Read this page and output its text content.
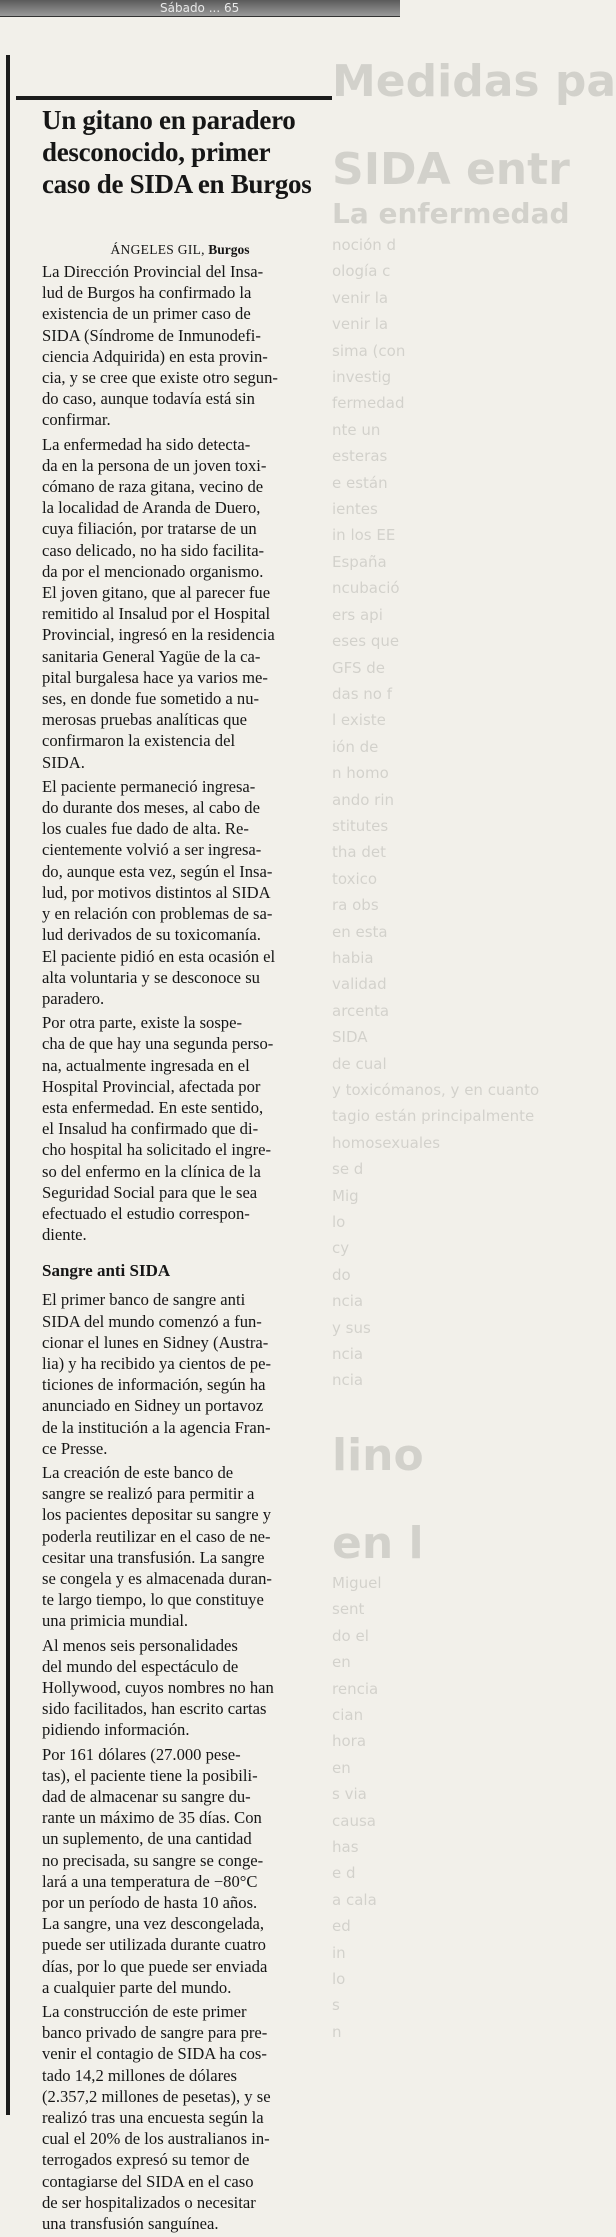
Sábado ... 65
Medidas pa
SIDA entr
La enfermedad
noción d
ología c
venir la
venir la
sima (con
investig
fermedad
nte un
esteras
e están
ientes
in los EE
España
ncubació
ers api
eses que
GFS de
das no f
l existe
ión de
n homo
ando rin
stitutes
tha det
toxico
ra obs
en esta
habia
validad
arcenta
SIDA
de cual
y toxicómanos, y en cuanto
tagio están principalmente
homosexuales
se d
Mig
lo
cy
do
ncia
y sus
ncia
ncia
lino
en l
Miguel
sent
do el
en
rencia
cian
hora
en
s via
causa
has
e d
a cala
ed
in
lo
s
n
Un gitano en paradero desconocido, primer caso de SIDA en Burgos
ÁNGELES GIL, Burgos

La Dirección Provincial del Insa-
lud de Burgos ha confirmado la
existencia de un primer caso de
SIDA (Síndrome de Inmunodefi-
ciencia Adquirida) en esta provin-
cia, y se cree que existe otro segun-
do caso, aunque todavía está sin
confirmar.

La enfermedad ha sido detecta-
da en la persona de un joven toxi-
cómano de raza gitana, vecino de
la localidad de Aranda de Duero,
cuya filiación, por tratarse de un
caso delicado, no ha sido facilita-
da por el mencionado organismo.
El joven gitano, que al parecer fue
remitido al Insalud por el Hospital
Provincial, ingresó en la residencia
sanitaria General Yagüe de la ca-
pital burgalesa hace ya varios me-
ses, en donde fue sometido a nu-
merosas pruebas analíticas que
confirmaron la existencia del
SIDA.

El paciente permaneció ingresa-
do durante dos meses, al cabo de
los cuales fue dado de alta. Re-
cientemente volvió a ser ingresa-
do, aunque esta vez, según el Insa-
lud, por motivos distintos al SIDA
y en relación con problemas de sa-
lud derivados de su toxicomanía.
El paciente pidió en esta ocasión el
alta voluntaria y se desconoce su
paradero.

Por otra parte, existe la sospe-
cha de que hay una segunda perso-
na, actualmente ingresada en el
Hospital Provincial, afectada por
esta enfermedad. En este sentido,
el Insalud ha confirmado que di-
cho hospital ha solicitado el ingre-
so del enfermo en la clínica de la
Seguridad Social para que le sea
efectuado el estudio correspon-
diente.

Sangre anti SIDA

El primer banco de sangre anti
SIDA del mundo comenzó a fun-
cionar el lunes en Sidney (Austra-
lia) y ha recibido ya cientos de pe-
ticiones de información, según ha
anunciado en Sidney un portavoz
de la institución a la agencia Fran-
ce Presse.

La creación de este banco de
sangre se realizó para permitir a
los pacientes depositar su sangre y
poderla reutilizar en el caso de ne-
cesitar una transfusión. La sangre
se congela y es almacenada duran-
te largo tiempo, lo que constituye
una primicia mundial.

Al menos seis personalidades
del mundo del espectáculo de
Hollywood, cuyos nombres no han
sido facilitados, han escrito cartas
pidiendo información.

Por 161 dólares (27.000 pese-
tas), el paciente tiene la posibili-
dad de almacenar su sangre du-
rante un máximo de 35 días. Con
un suplemento, de una cantidad
no precisada, su sangre se conge-
lará a una temperatura de −80°C
por un período de hasta 10 años.
La sangre, una vez descongelada,
puede ser utilizada durante cuatro
días, por lo que puede ser enviada
a cualquier parte del mundo.

La construcción de este primer
banco privado de sangre para pre-
venir el contagio de SIDA ha cos-
tado 14,2 millones de dólares
(2.357,2 millones de pesetas), y se
realizó tras una encuesta según la
cual el 20% de los australianos in-
terrogados expresó su temor de
contagiarse del SIDA en el caso
de ser hospitalizados o necesitar
una transfusión sanguínea.
